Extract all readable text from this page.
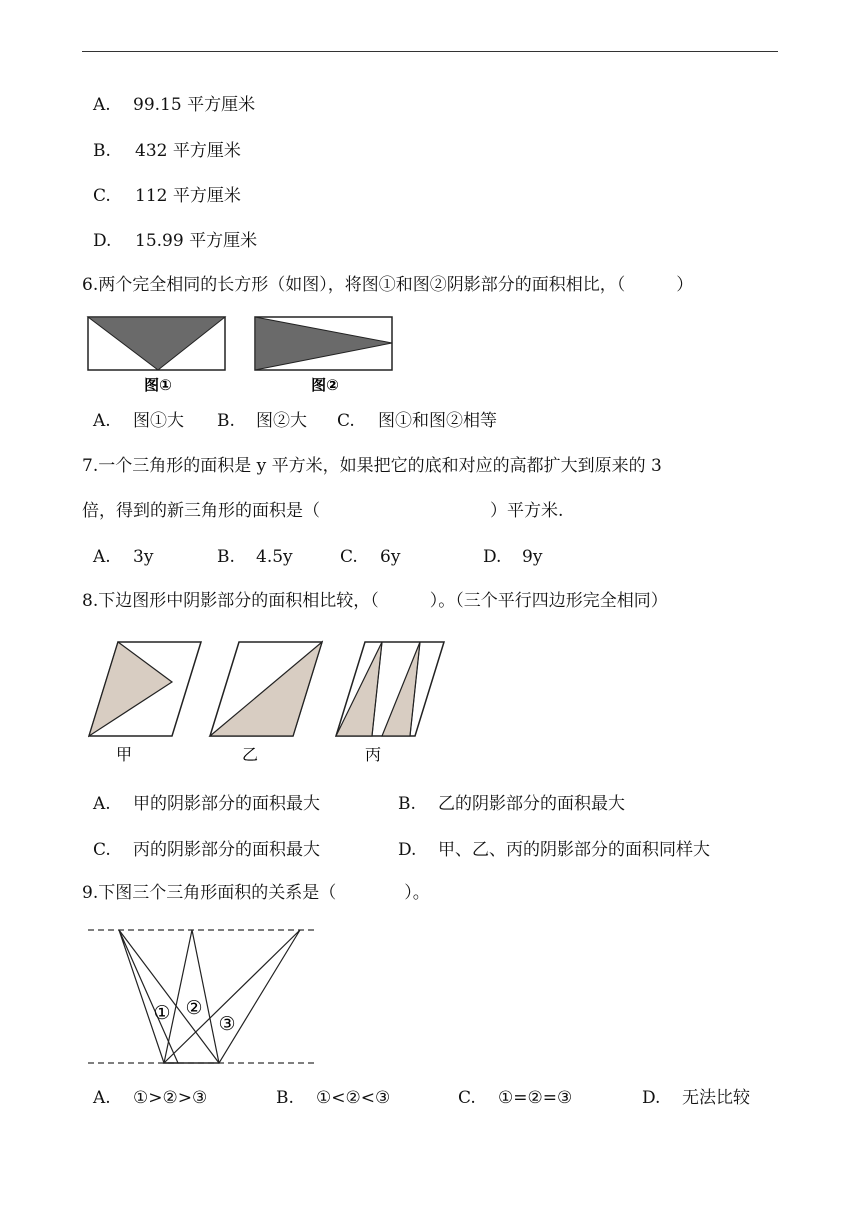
A. 99.15 平方厘米
B. 432 平方厘米
C. 112 平方厘米
D. 15.99 平方厘米
6.两个完全相同的长方形（如图），将图①和图②阴影部分的面积相比，（　　　）
图①	图②
A. 图①大 B. 图②大 C. 图①和图②相等
7.一个三角形的面积是 y 平方米，如果把它的底和对应的高都扩大到原来的 3
倍，得到的新三角形的面积是（　　　　　　　　　　）平方米.
A. 3y	B. 4.5y	C. 6y	D. 9y
8.下边图形中阴影部分的面积相比较，（　　　）。（三个平行四边形完全相同）
甲	乙	丙
A. 甲的阴影部分的面积最大	B. 乙的阴影部分的面积最大
C. 丙的阴影部分的面积最大	D. 甲、乙、丙的阴影部分的面积同样大
9.下图三个三角形面积的关系是（　　　　）。
① ②
③
A. ①>②>③	B. ①<②<③	C. ①=②=③	D. 无法比较
